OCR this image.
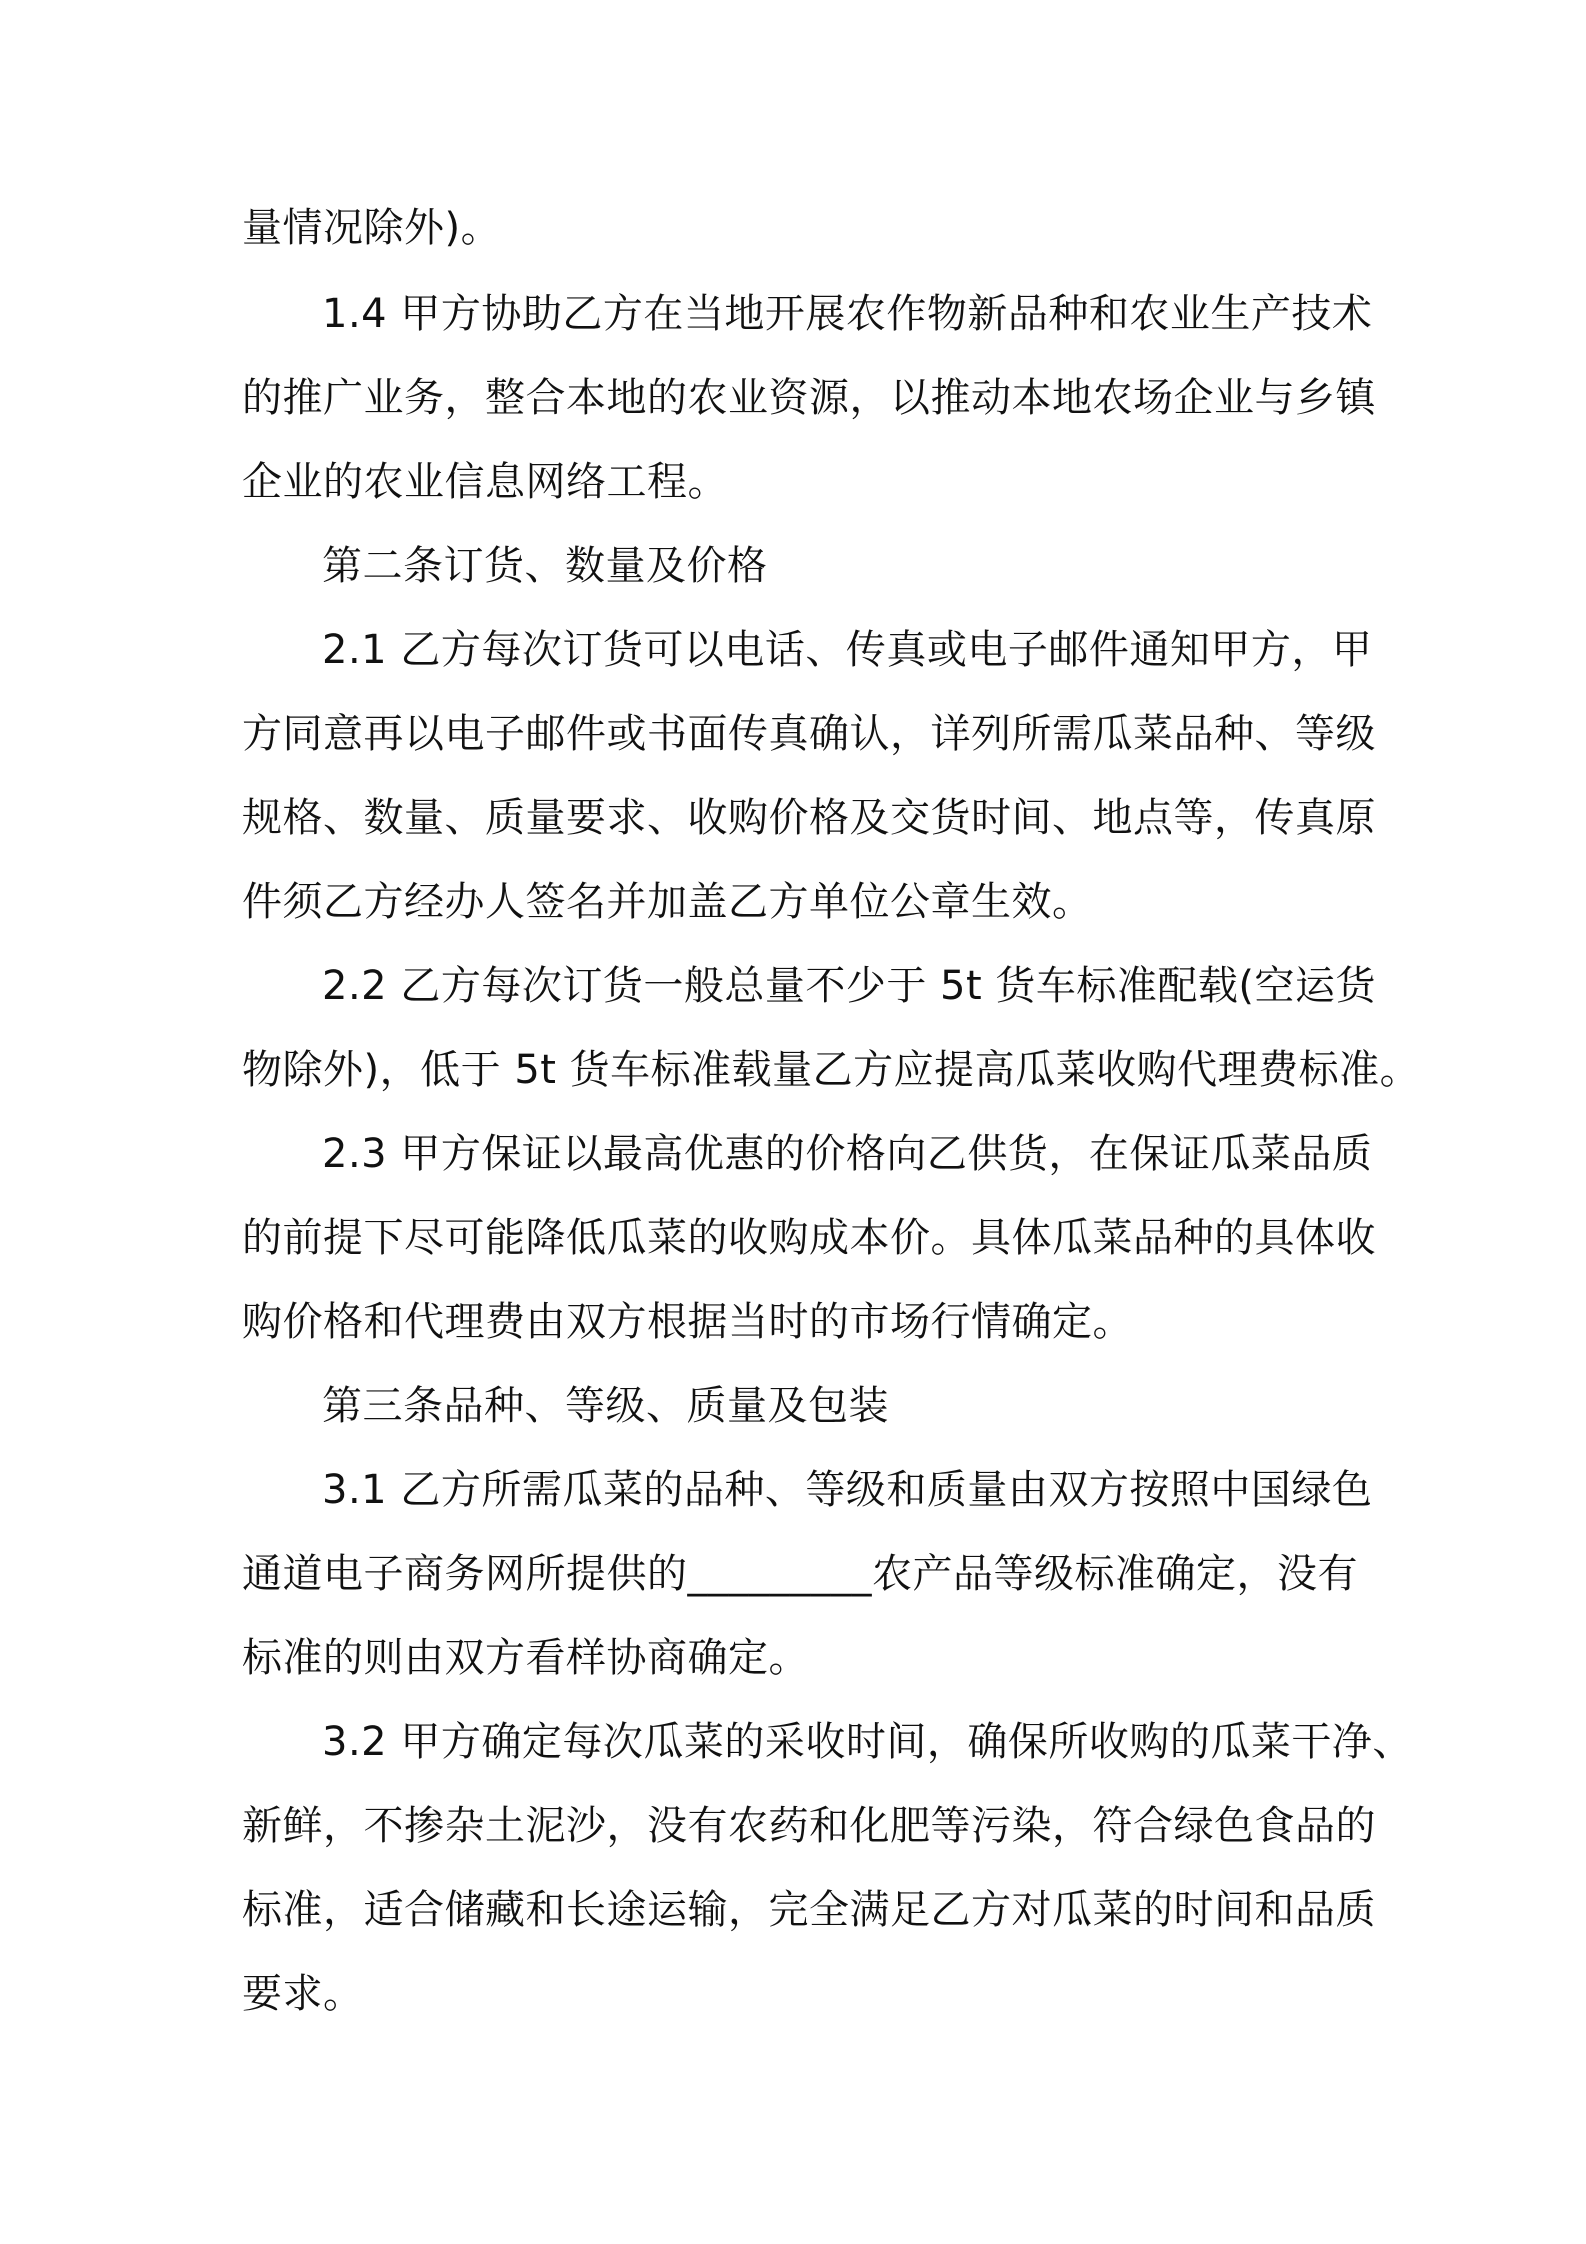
量情况除外)。
1.4 甲方协助乙方在当地开展农作物新品种和农业生产技术
的推广业务，整合本地的农业资源，以推动本地农场企业与乡镇
企业的农业信息网络工程。
第二条订货、数量及价格
2.1 乙方每次订货可以电话、传真或电子邮件通知甲方，甲
方同意再以电子邮件或书面传真确认，详列所需瓜菜品种、等级
规格、数量、质量要求、收购价格及交货时间、地点等，传真原
件须乙方经办人签名并加盖乙方单位公章生效。
2.2 乙方每次订货一般总量不少于 5t 货车标准配载(空运货
物除外)，低于 5t 货车标准载量乙方应提高瓜菜收购代理费标准。
2.3 甲方保证以最高优惠的价格向乙供货，在保证瓜菜品质
的前提下尽可能降低瓜菜的收购成本价。具体瓜菜品种的具体收
购价格和代理费由双方根据当时的市场行情确定。
第三条品种、等级、质量及包装
3.1 乙方所需瓜菜的品种、等级和质量由双方按照中国绿色
通道电子商务网所提供的_________农产品等级标准确定，没有
标准的则由双方看样协商确定。
3.2 甲方确定每次瓜菜的采收时间，确保所收购的瓜菜干净、
新鲜，不掺杂土泥沙，没有农药和化肥等污染，符合绿色食品的
标准，适合储藏和长途运输，完全满足乙方对瓜菜的时间和品质
要求。
